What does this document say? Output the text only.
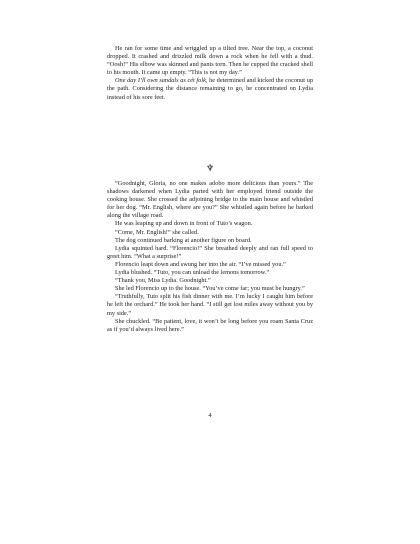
He ran for some time and wriggled up a tilted tree. Near the top, a coconut dropped. It crashed and drizzled milk down a rock when he fell with a thud. “Oosh!” His elbow was skinned and pants torn. Then he cupped the cracked shell to his mouth. It came up empty. “This is not my day.”

One day I’ll own sandals as cét folk, he determined and kicked the coconut up the path. Considering the distance remaining to go, he concentrated on Lydia instead of his sore feet.

♆

“Goodnight, Gloria, no one makes adobo more delicious than yours.” The shadows darkened when Lydia parted with her employed friend outside the cooking house. She crossed the adjoining bridge to the main house and whistled for her dog. “Mr. English, where are you?” She whistled again before he barked along the village road.

He was leaping up and down in front of Tuto’s wagon.

“Come, Mr. English!” she called.

The dog continued barking at another figure on board.

Lydia squinted hard. “Florencio!” She breathed deeply and ran full speed to greet him. “What a surprise!”

Florencio leapt down and swung her into the air. “I’ve missed you.”

Lydia blushed. “Tuto, you can unload the lemons tomorrow.”

“Thank you, Miss Lydia. Goodnight.”

She led Florencio up to the house. “You’ve come far; you must be hungry.”

“Truthfully, Tuto split his fish dinner with me. I’m lucky I caught him before he left the orchard.” He took her hand. “I still get lost miles away without you by my side.”

She chuckled. “Be patient, love, it won’t be long before you roam Santa Cruz as if you’d always lived here.”

4
